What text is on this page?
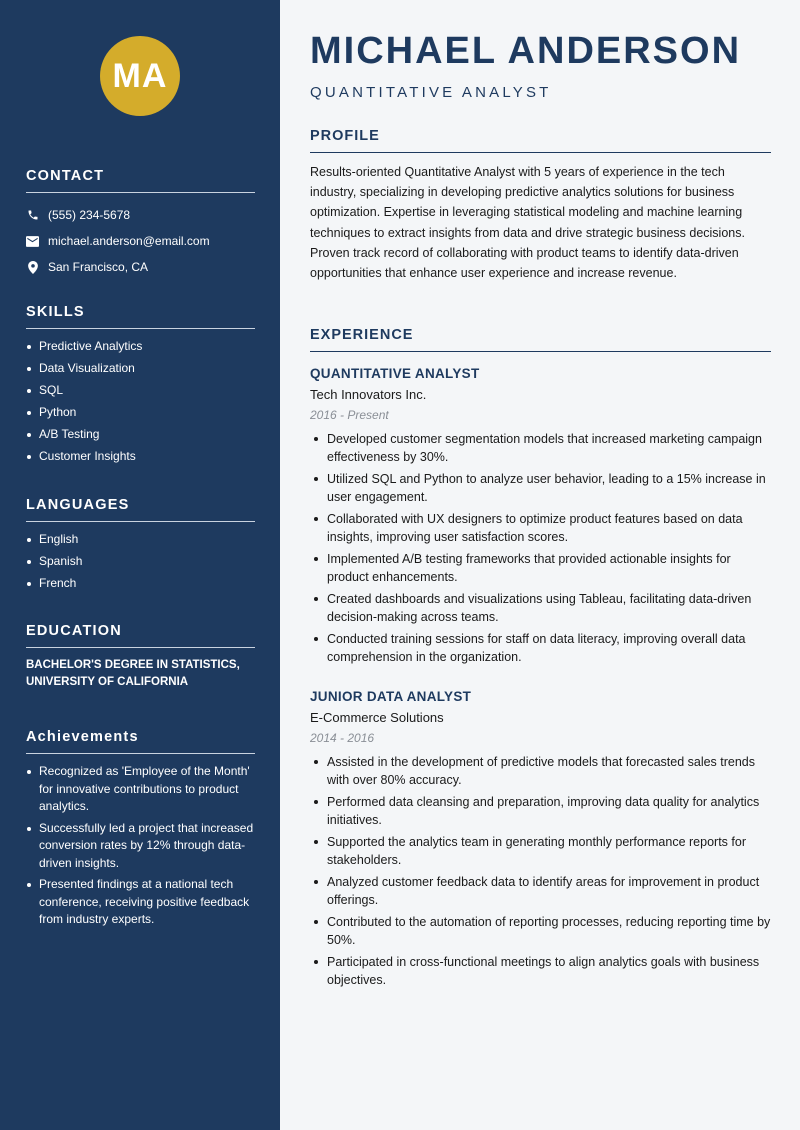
MA
CONTACT
(555) 234-5678
michael.anderson@email.com
San Francisco, CA
SKILLS
Predictive Analytics
Data Visualization
SQL
Python
A/B Testing
Customer Insights
LANGUAGES
English
Spanish
French
EDUCATION
BACHELOR'S DEGREE IN STATISTICS, UNIVERSITY OF CALIFORNIA
Achievements
Recognized as 'Employee of the Month' for innovative contributions to product analytics.
Successfully led a project that increased conversion rates by 12% through data-driven insights.
Presented findings at a national tech conference, receiving positive feedback from industry experts.
MICHAEL ANDERSON
QUANTITATIVE ANALYST
PROFILE

Results-oriented Quantitative Analyst with 5 years of experience in the tech industry, specializing in developing predictive analytics solutions for business optimization. Expertise in leveraging statistical modeling and machine learning techniques to extract insights from data and drive strategic business decisions. Proven track record of collaborating with product teams to identify data-driven opportunities that enhance user experience and increase revenue.

EXPERIENCE
QUANTITATIVE ANALYST
Tech Innovators Inc.
2016 - Present
Developed customer segmentation models that increased marketing campaign effectiveness by 30%.
Utilized SQL and Python to analyze user behavior, leading to a 15% increase in user engagement.
Collaborated with UX designers to optimize product features based on data insights, improving user satisfaction scores.
Implemented A/B testing frameworks that provided actionable insights for product enhancements.
Created dashboards and visualizations using Tableau, facilitating data-driven decision-making across teams.
Conducted training sessions for staff on data literacy, improving overall data comprehension in the organization.
JUNIOR DATA ANALYST
E-Commerce Solutions
2014 - 2016
Assisted in the development of predictive models that forecasted sales trends with over 80% accuracy.
Performed data cleansing and preparation, improving data quality for analytics initiatives.
Supported the analytics team in generating monthly performance reports for stakeholders.
Analyzed customer feedback data to identify areas for improvement in product offerings.
Contributed to the automation of reporting processes, reducing reporting time by 50%.
Participated in cross-functional meetings to align analytics goals with business objectives.
